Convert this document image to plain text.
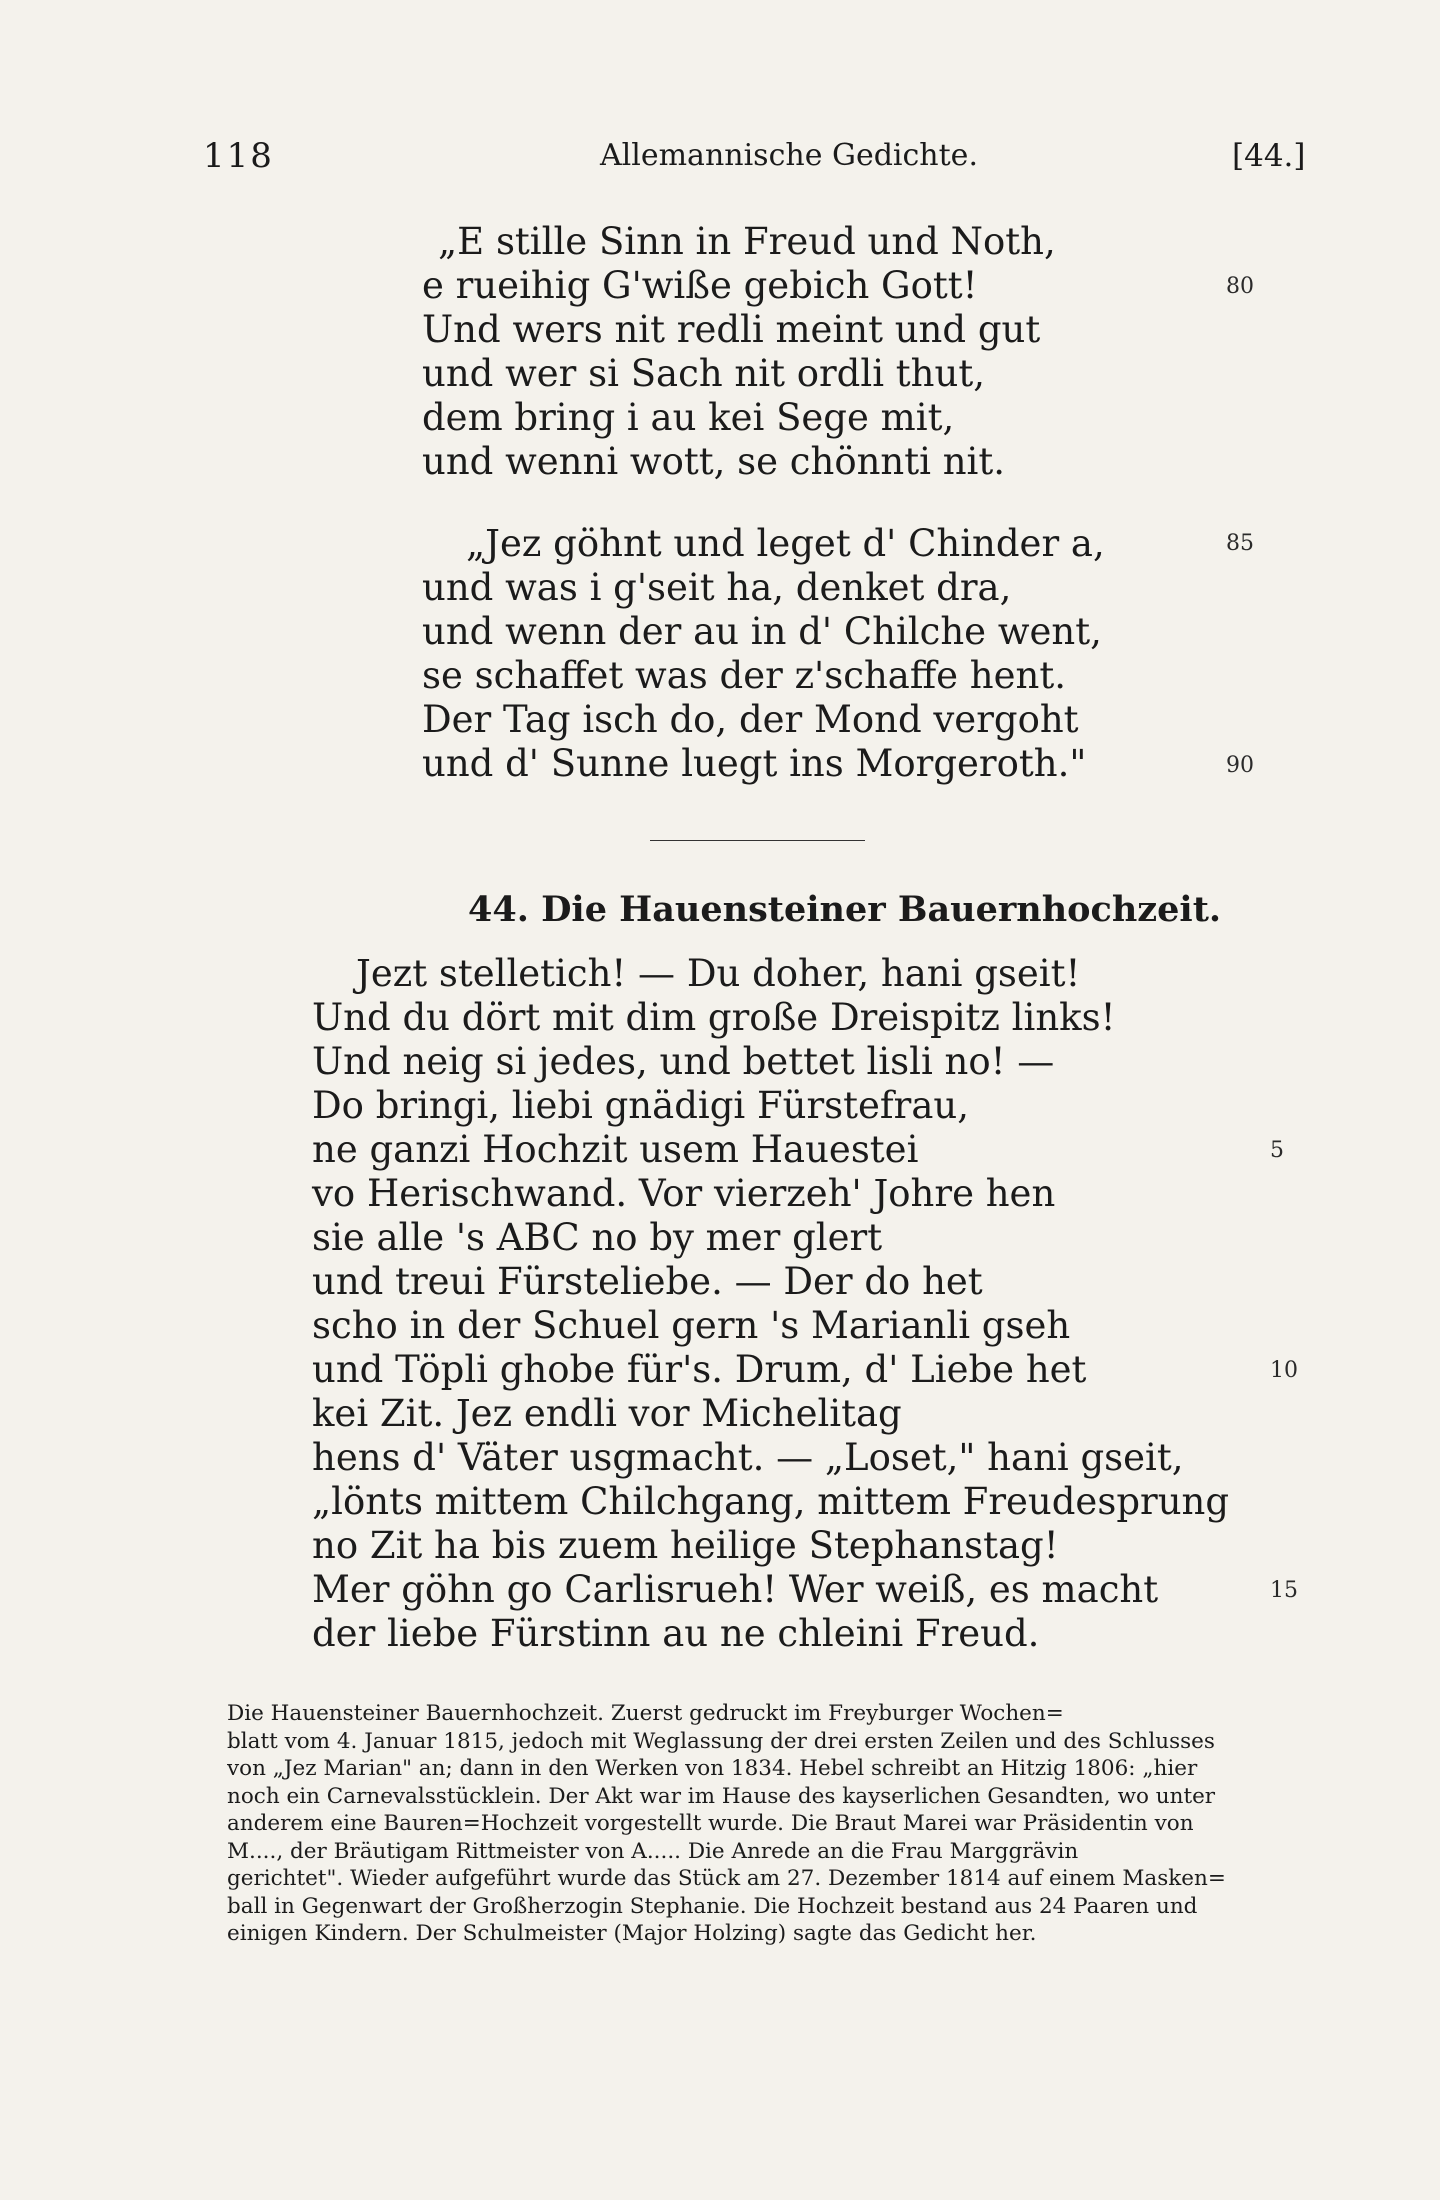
118	Allemannische Gedichte.	[44.]
„E stille Sinn in Freud und Noth,
e rueihig G'wiße gebich Gott!
Und wers nit redli meint und gut
und wer si Sach nit ordli thut,
dem bring i au kei Sege mit,
und wenni wott, se chönnti nit.
80
„Jez göhnt und leget d' Chinder a,
und was i g'seit ha, denket dra,
und wenn der au in d' Chilche went,
se schaffet was der z'schaffe hent.
Der Tag isch do, der Mond vergoht
und d' Sunne luegt ins Morgeroth."
85
90
44. Die Hauensteiner Bauernhochzeit.
Jezt stelletich! — Du doher, hani gseit!
Und du dört mit dim große Dreispitz links!
Und neig si jedes, und bettet lisli no! —
Do bringi, liebi gnädigi Fürstefrau,
ne ganzi Hochzit usem Hauestei
vo Herischwand. Vor vierzeh' Johre hen
sie alle 's ABC no by mer glert
und treui Fürsteliebe. — Der do het
scho in der Schuel gern 's Marianli gseh
und Töpli ghobe für's. Drum, d' Liebe het
kei Zit. Jez endli vor Michelitag
hens d' Väter usgmacht. — „Loset," hani gseit,
„lönts mittem Chilchgang, mittem Freudesprung
no Zit ha bis zuem heilige Stephanstag!
Mer göhn go Carlisrueh! Wer weiß, es macht
der liebe Fürstinn au ne chleini Freud.
5
10
15
Die Hauensteiner Bauernhochzeit. Zuerst gedruckt im Freyburger Wochen=
blatt vom 4. Januar 1815, jedoch mit Weglassung der drei ersten Zeilen und des Schlusses
von „Jez Marian" an; dann in den Werken von 1834. Hebel schreibt an Hitzig 1806: „hier
noch ein Carnevalsstücklein. Der Akt war im Hause des kayserlichen Gesandten, wo unter
anderem eine Bauren=Hochzeit vorgestellt wurde. Die Braut Marei war Präsidentin von
M...., der Bräutigam Rittmeister von A..... Die Anrede an die Frau Marggrävin
gerichtet". Wieder aufgeführt wurde das Stück am 27. Dezember 1814 auf einem Masken=
ball in Gegenwart der Großherzogin Stephanie. Die Hochzeit bestand aus 24 Paaren und
einigen Kindern. Der Schulmeister (Major Holzing) sagte das Gedicht her.
